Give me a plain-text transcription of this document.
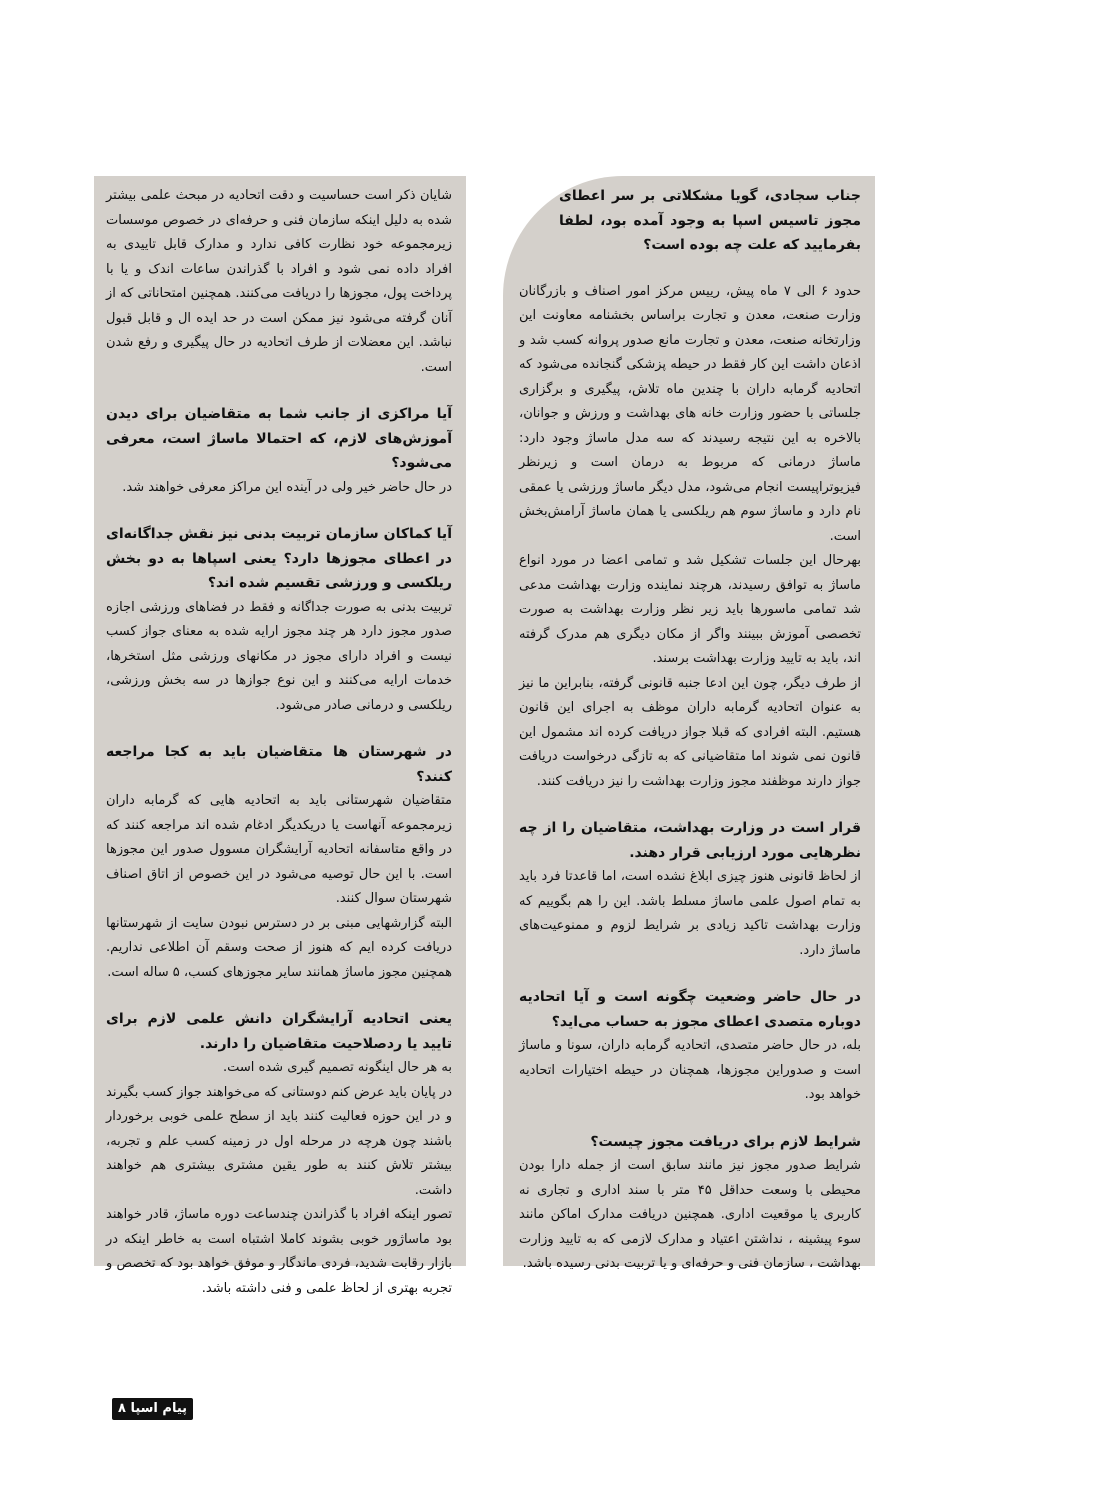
جناب سجادی، گویا مشکلاتی بر سر اعطای مجوز تاسیس اسپا به وجود آمده بود، لطفا بفرمایید که علت چه بوده است؟

حدود ۶ الی ۷ ماه پیش، رییس مرکز امور اصناف و بازرگانان وزارت صنعت، معدن و تجارت براساس بخشنامه معاونت این وزارتخانه صنعت، معدن و تجارت مانع صدور پروانه کسب شد و اذعان داشت این کار فقط در حیطه پزشکی گنجانده می‌شود که اتحادیه گرمابه داران با چندین ماه تلاش، پیگیری و برگزاری جلساتی با حضور وزارت خانه های بهداشت و ورزش و جوانان، بالاخره به این نتیجه رسیدند که سه مدل ماساژ وجود دارد: ماساژ درمانی که مربوط به درمان است و زیرنظر فیزیوتراپیست انجام می‌شود، مدل دیگر ماساژ ورزشی یا عمقی نام دارد و ماساژ سوم هم ریلکسی یا همان ماساژ آرامش‌بخش است.

بهرحال این جلسات تشکیل شد و تمامی اعضا در مورد انواع ماساژ به توافق رسیدند، هرچند نماینده وزارت بهداشت مدعی شد تمامی ماسورها باید زیر نظر وزارت بهداشت به صورت تخصصی آموزش ببینند واگر از مکان دیگری هم مدرک گرفته اند، باید به تایید وزارت بهداشت برسند.

از طرف دیگر، چون این ادعا جنبه قانونی گرفته، بنابراین ما نیز به عنوان اتحادیه گرمابه داران موظف به اجرای این قانون هستیم. البته افرادی که قبلا جواز دریافت کرده اند مشمول این قانون نمی شوند اما متقاضیانی که به تازگی درخواست دریافت جواز دارند موظفند مجوز وزارت بهداشت را نیز دریافت کنند.

قرار است در وزارت بهداشت، متقاضیان را از چه نظرهایی مورد ارزیابی قرار دهند.

از لحاظ قانونی هنوز چیزی ابلاغ نشده است، اما قاعدتا فرد باید به تمام اصول علمی ماساژ مسلط باشد. این را هم بگوییم که وزارت بهداشت تاکید زیادی بر شرایط لزوم و ممنوعیت‌های ماساژ دارد.

در حال حاضر وضعیت چگونه است و آیا اتحادیه دوباره متصدی اعطای مجوز به حساب می‌اید؟

بله، در حال حاضر متصدی، اتحادیه گرمابه داران، سونا و ماساژ است و صدوراین مجوزها، همچنان در حیطه اختیارات اتحادیه خواهد بود.

شرایط لازم برای دریافت مجوز چیست؟

شرایط صدور مجوز نیز مانند سابق است از جمله دارا بودن محیطی با وسعت حداقل ۴۵ متر با سند اداری و تجاری نه کاربری یا موقعیت اداری. همچنین دریافت مدارک اماکن مانند سوء پیشینه ، نداشتن اعتیاد و مدارک لازمی که به تایید وزارت بهداشت ، سازمان فنی و حرفه‌ای و یا تربیت بدنی رسیده باشد.

شایان ذکر است حساسیت و دقت اتحادیه در مبحث علمی بیشتر شده به دلیل اینکه سازمان فنی و حرفه‌ای در خصوص موسسات زیرمجموعه خود نظارت کافی ندارد و مدارک قابل تاییدی به افراد داده نمی شود و افراد با گذراندن ساعات اندک و یا با پرداخت پول، مجوزها را دریافت می‌کنند. همچنین امتحاناتی که از آنان گرفته می‌شود نیز ممکن است در حد ایده ال و قابل قبول نباشد. این معضلات از طرف اتحادیه در حال پیگیری و رفع شدن است.

آیا مراکزی از جانب شما به متقاضیان برای دیدن آموزش‌های لازم، که احتمالا ماساژ است، معرفی می‌شود؟

در حال حاضر خیر ولی در آینده این مراکز معرفی خواهند شد.

آیا کماکان سازمان تربیت بدنی نیز نقش جداگانه‌ای در اعطای مجوزها دارد؟ یعنی اسپاها به دو بخش ریلکسی و ورزشی تقسیم شده اند؟

تربیت بدنی به صورت جداگانه و فقط در فضاهای ورزشی اجازه صدور مجوز دارد هر چند مجوز ارایه شده به معنای جواز کسب نیست و افراد دارای مجوز در مکانهای ورزشی مثل استخرها، خدمات ارایه می‌کنند و این نوع جوازها در سه بخش ورزشی، ریلکسی و درمانی صادر می‌شود.

در شهرستان ها متقاضیان باید به کجا مراجعه کنند؟

متقاضیان شهرستانی باید به اتحادیه هایی که گرمابه داران زیرمجموعه آنهاست یا دریکدیگر ادغام شده اند مراجعه کنند که در واقع متاسفانه اتحادیه آرایشگران مسوول صدور این مجوزها است. با این حال توصیه می‌شود در این خصوص از اتاق اصناف شهرستان سوال کنند.

البته گزارشهایی مبنی بر در دسترس نبودن سایت از شهرستانها دریافت کرده ایم که هنوز از صحت وسقم آن اطلاعی نداریم. همچنین مجوز ماساژ همانند سایر مجوزهای کسب، ۵ ساله است.

یعنی اتحادیه آرایشگران دانش علمی لازم برای تایید یا ردصلاحیت متقاضیان را دارند.

به هر حال اینگونه تصمیم گیری شده است.

در پایان باید عرض کنم دوستانی که می‌خواهند جواز کسب بگیرند و در این حوزه فعالیت کنند باید از سطح علمی خوبی برخوردار باشند چون هرچه در مرحله اول در زمینه کسب علم و تجربه، بیشتر تلاش کنند به طور یقین مشتری بیشتری هم خواهند داشت.

تصور اینکه افراد با گذراندن چندساعت دوره ماساژ، قادر خواهند بود ماساژور خوبی بشوند کاملا اشتباه است به خاطر اینکه در بازار رقابت شدید، فردی ماندگار و موفق خواهد بود که تخصص و تجربه بهتری از لحاظ علمی و فنی داشته باشد.

پیام اسپا ۸
